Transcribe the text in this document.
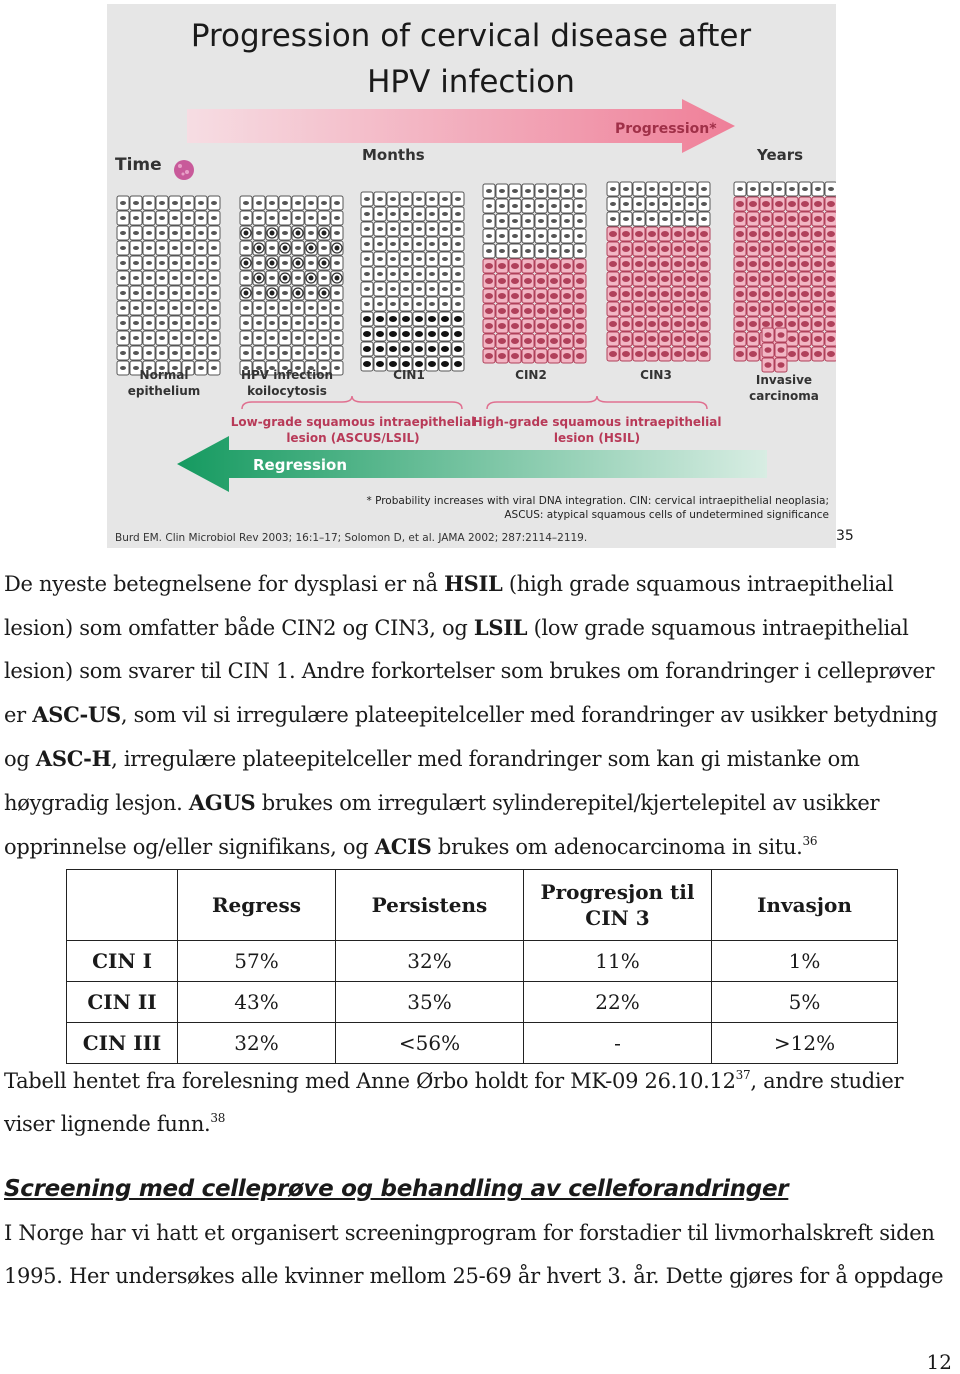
Progression of cervical disease after
HPV infection
Progression*
Time	Months	Years
Normal
epithelium
HPV infection
koilocytosis
CIN1	CIN2	CIN3	Invasive
carcinoma
Low-grade squamous intraepithelial
lesion (ASCUS/LSIL)
High-grade squamous intraepithelial
lesion (HSIL)
Regression
* Probability increases with viral DNA integration. CIN: cervical intraepithelial neoplasia;
ASCUS: atypical squamous cells of undetermined significance
Burd EM. Clin Microbiol Rev 2003; 16:1–17; Solomon D, et al. JAMA 2002; 287:2114–2119.	35
De nyeste betegnelsene for dysplasi er nå HSIL (high grade squamous intraepithelial lesion) som omfatter både CIN2 og CIN3, og LSIL (low grade squamous intraepithelial lesion) som svarer til CIN 1. Andre forkortelser som brukes om forandringer i celleprøver er ASC-US, som vil si irregulære plateepitelceller med forandringer av usikker betydning og ASC-H, irregulære plateepitelceller med forandringer som kan gi mistanke om høygradig lesjon. AGUS brukes om irregulært sylinderepitel/kjertelepitel av usikker opprinnelse og/eller signifikans, og ACIS brukes om adenocarcinoma in situ.$^{36}$
	Regress	Persistens	Progresjon til CIN 3	Invasjon
CIN I	57%	32%	11%	1%
CIN II	43%	35%	22%	5%
CIN III	32%	<56%	-	>12%
Tabell hentet fra forelesning med Anne Ørbo holdt for MK-09 26.10.12$^{37}$, andre studier viser lignende funn.$^{38}$
Screening med celleprøve og behandling av celleforandringer
I Norge har vi hatt et organisert screeningprogram for forstadier til livmorhalskreft siden 1995. Her undersøkes alle kvinner mellom 25-69 år hvert 3. år. Dette gjøres for å oppdage
12
